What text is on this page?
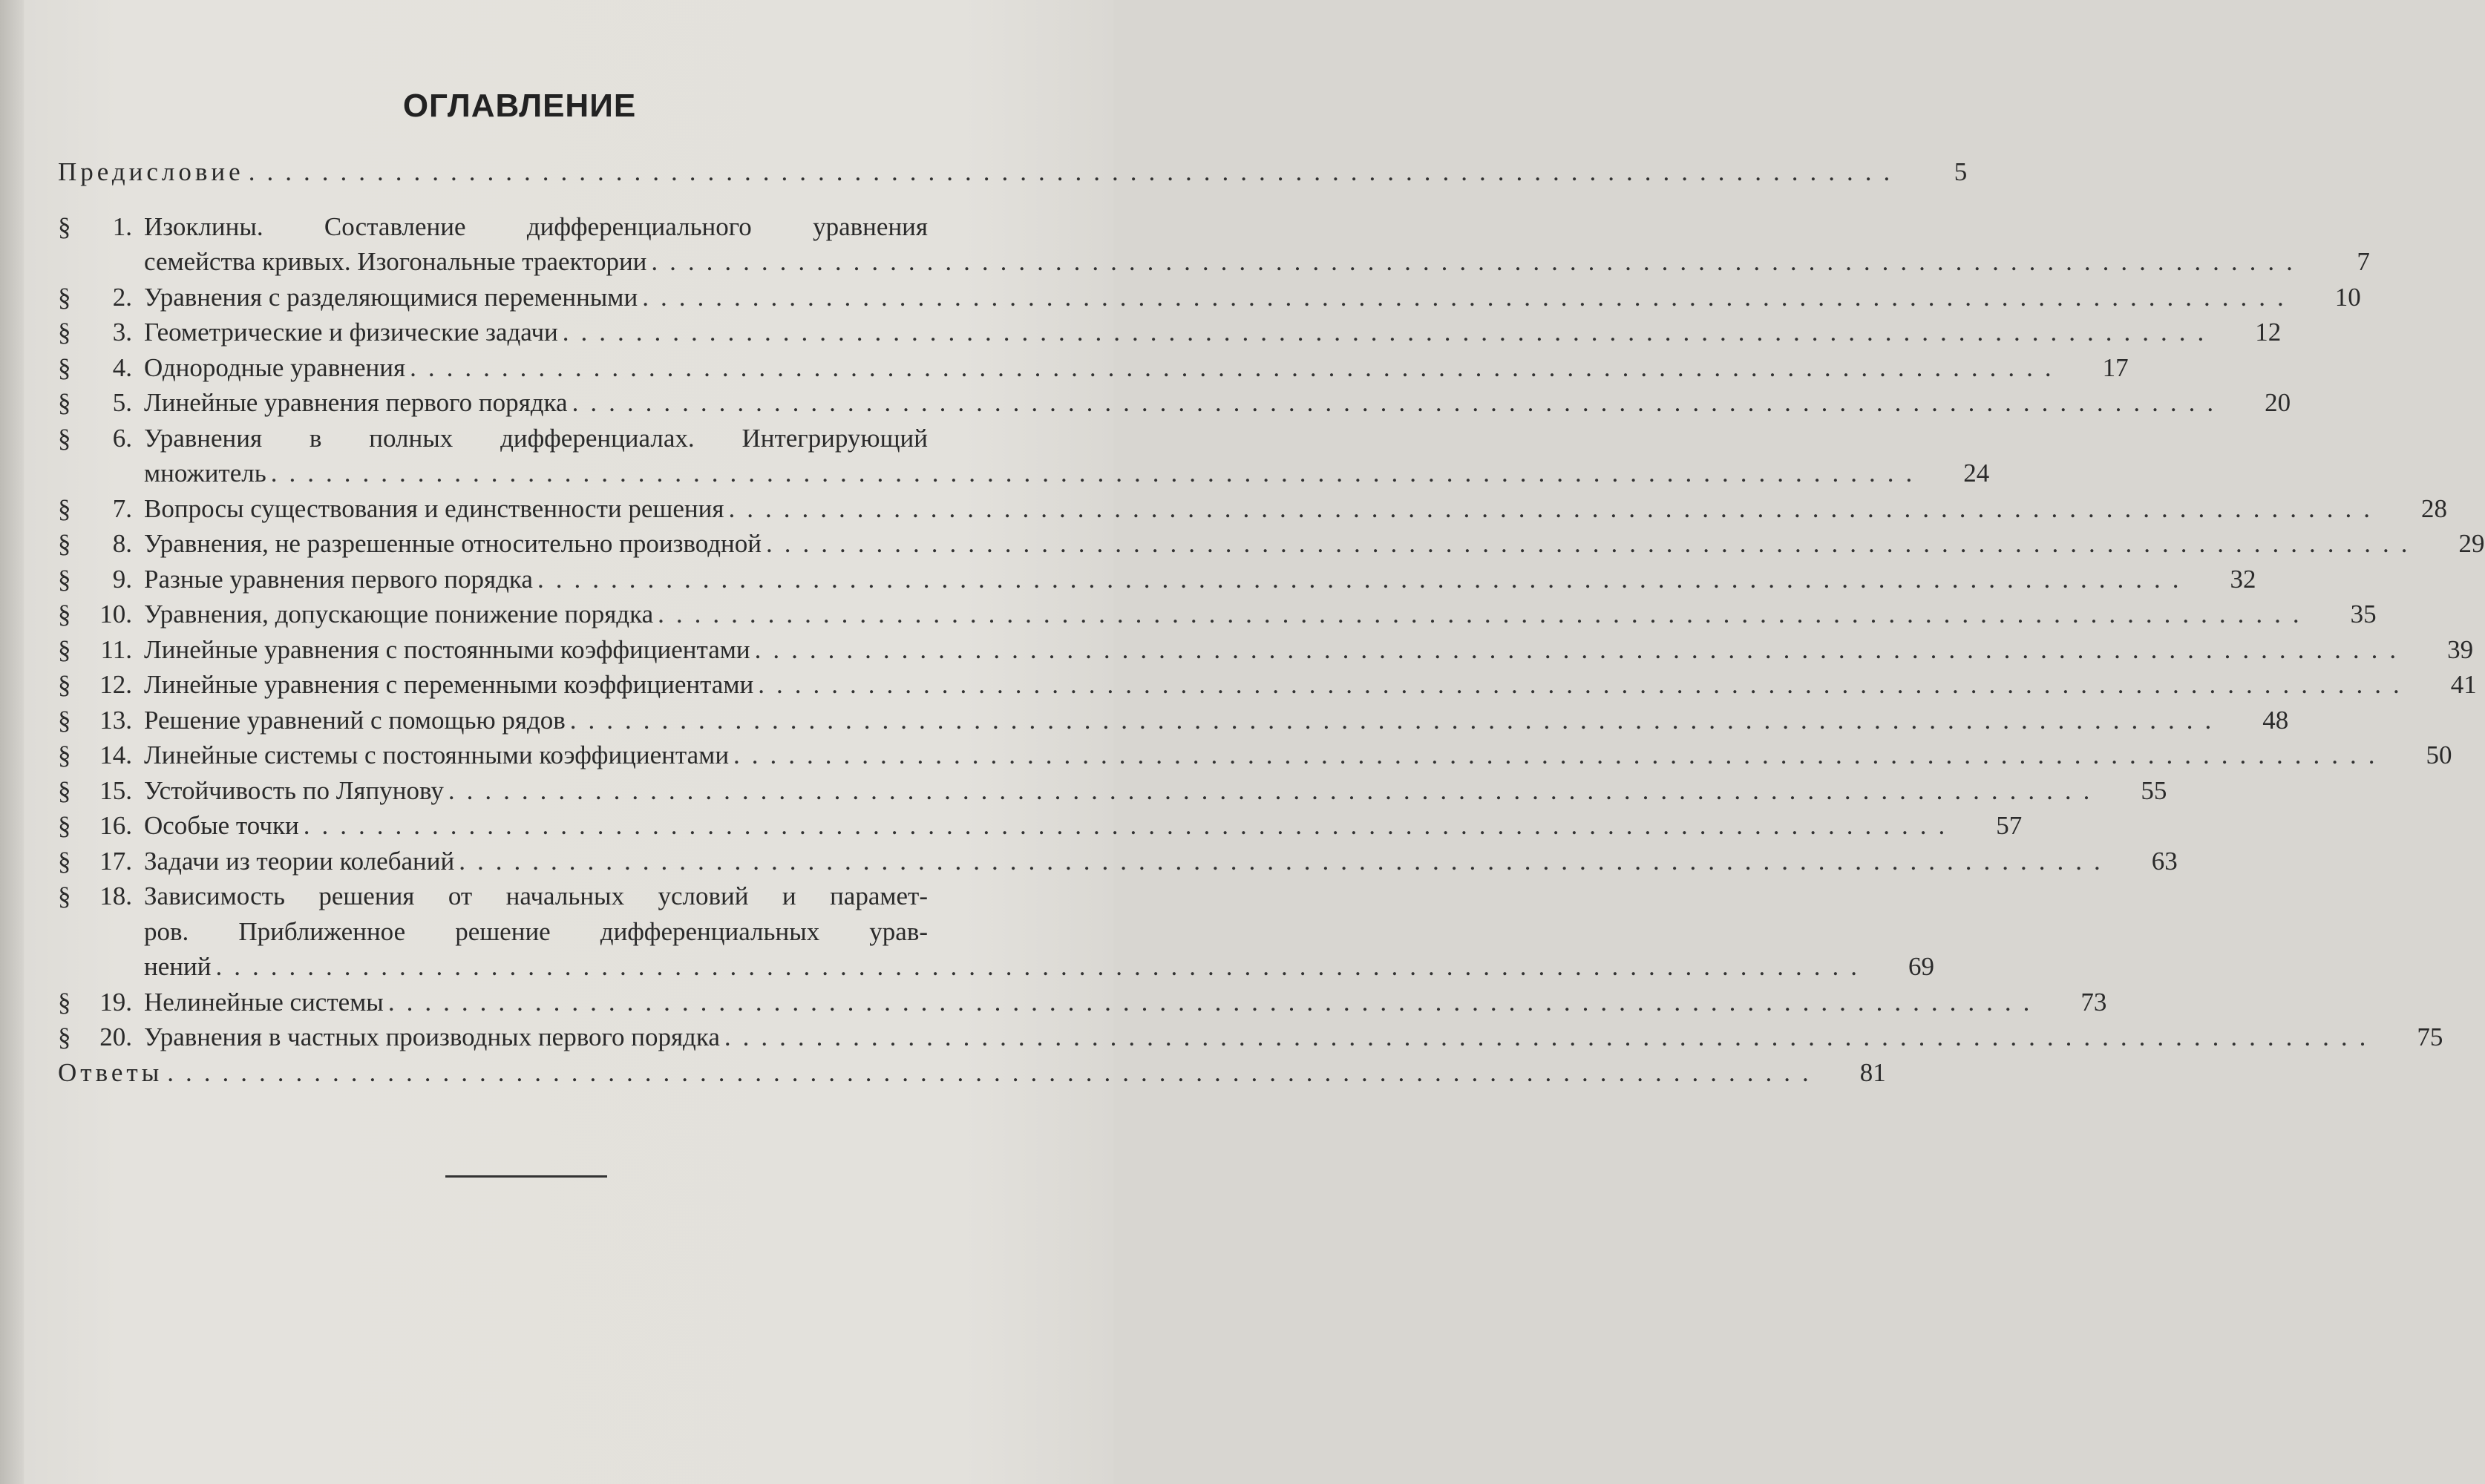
ОГЛАВЛЕНИЕ
Предисловие ..........................................................................................	5
§ 1. Изоклины. Составление дифференциального уравнения
семейства кривых. Изогональные траектории ..........................................................................................	7
§ 2. Уравнения с разделяющимися переменными ..........................................................................................	10
§ 3. Геометрические и физические задачи ..........................................................................................	12
§ 4. Однородные уравнения ..........................................................................................	17
§ 5. Линейные уравнения первого порядка ..........................................................................................	20
§ 6. Уравнения в полных дифференциалах. Интегрирующий
множитель ..........................................................................................	24
§ 7. Вопросы существования и единственности решения ..........................................................................................	28
§ 8. Уравнения, не разрешенные относительно производной ..........................................................................................	29
§ 9. Разные уравнения первого порядка ..........................................................................................	32
§ 10. Уравнения, допускающие понижение порядка ..........................................................................................	35
§ 11. Линейные уравнения с постоянными коэффициентами ..........................................................................................	39
§ 12. Линейные уравнения с переменными коэффициентами ..........................................................................................	41
§ 13. Решение уравнений с помощью рядов ..........................................................................................	48
§ 14. Линейные системы с постоянными коэффициентами ..........................................................................................	50
§ 15. Устойчивость по Ляпунову ..........................................................................................	55
§ 16. Особые точки ..........................................................................................	57
§ 17. Задачи из теории колебаний ..........................................................................................	63
§ 18. Зависимость решения от начальных условий и парамет-
ров. Приближенное решение дифференциальных урав-
нений ..........................................................................................	69
§ 19. Нелинейные системы ..........................................................................................	73
§ 20. Уравнения в частных производных первого порядка ..........................................................................................	75
Ответы ..........................................................................................	81
